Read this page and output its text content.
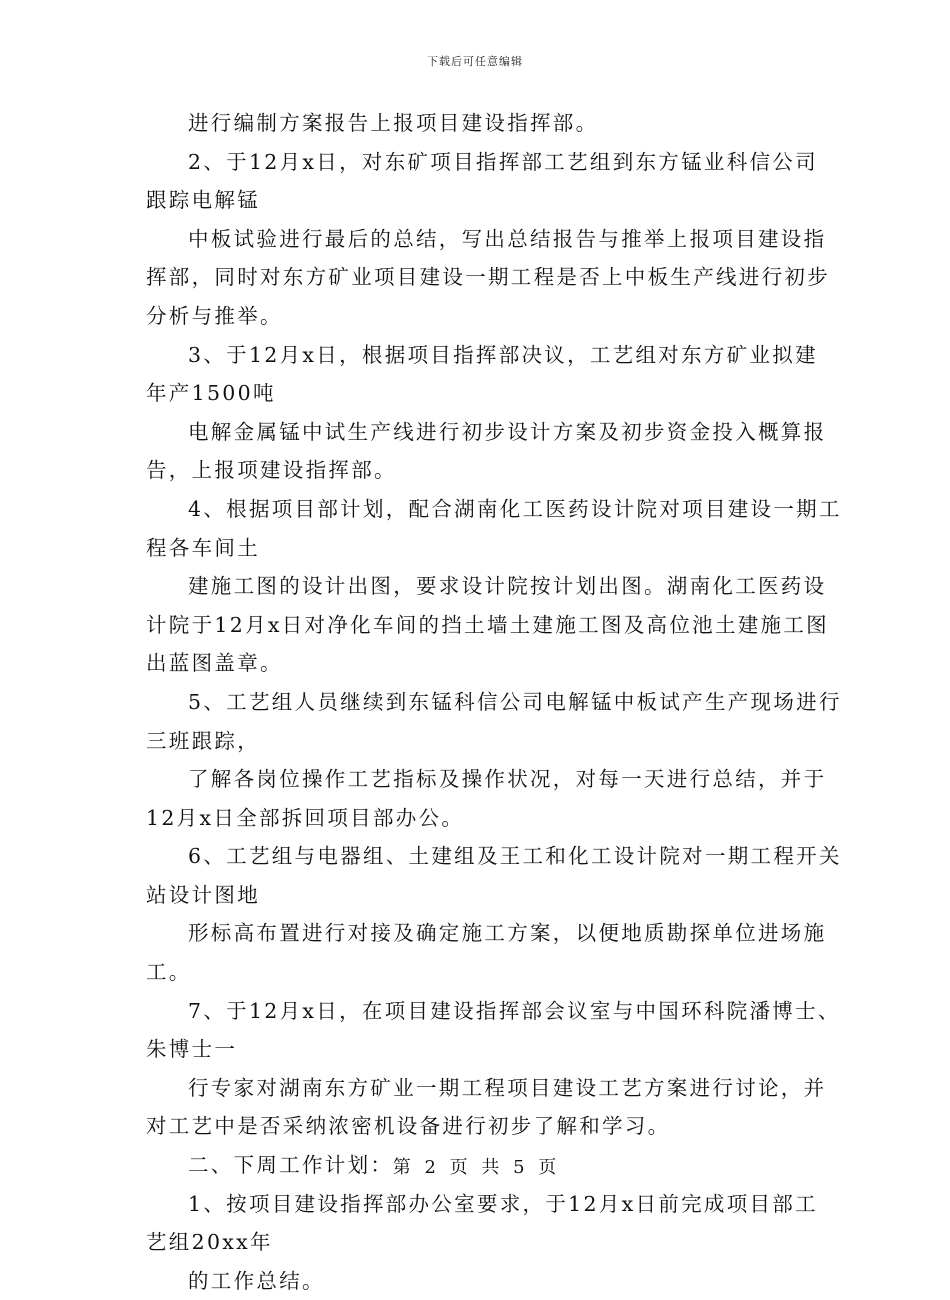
下载后可任意编辑

进行编制方案报告上报项目建设指挥部。

2、于12月x日，对东矿项目指挥部工艺组到东方锰业科信公司

跟踪电解锰

中板试验进行最后的总结，写出总结报告与推举上报项目建设指

挥部，同时对东方矿业项目建设一期工程是否上中板生产线进行初步

分析与推举。

3、于12月x日，根据项目指挥部决议，工艺组对东方矿业拟建

年产1500吨

电解金属锰中试生产线进行初步设计方案及初步资金投入概算报

告，上报项建设指挥部。

4、根据项目部计划，配合湖南化工医药设计院对项目建设一期工

程各车间土

建施工图的设计出图，要求设计院按计划出图。湖南化工医药设

计院于12月x日对净化车间的挡土墙土建施工图及高位池土建施工图

出蓝图盖章。

5、工艺组人员继续到东锰科信公司电解锰中板试产生产现场进行

三班跟踪，

了解各岗位操作工艺指标及操作状况，对每一天进行总结，并于

12月x日全部拆回项目部办公。

6、工艺组与电器组、土建组及王工和化工设计院对一期工程开关

站设计图地

形标高布置进行对接及确定施工方案，以便地质勘探单位进场施

工。

7、于12月x日，在项目建设指挥部会议室与中国环科院潘博士、

朱博士一

行专家对湖南东方矿业一期工程项目建设工艺方案进行讨论，并

对工艺中是否采纳浓密机设备进行初步了解和学习。

二、下周工作计划：

1、按项目建设指挥部办公室要求，于12月x日前完成项目部工

艺组20xx年

的工作总结。

第 2 页 共 5 页
